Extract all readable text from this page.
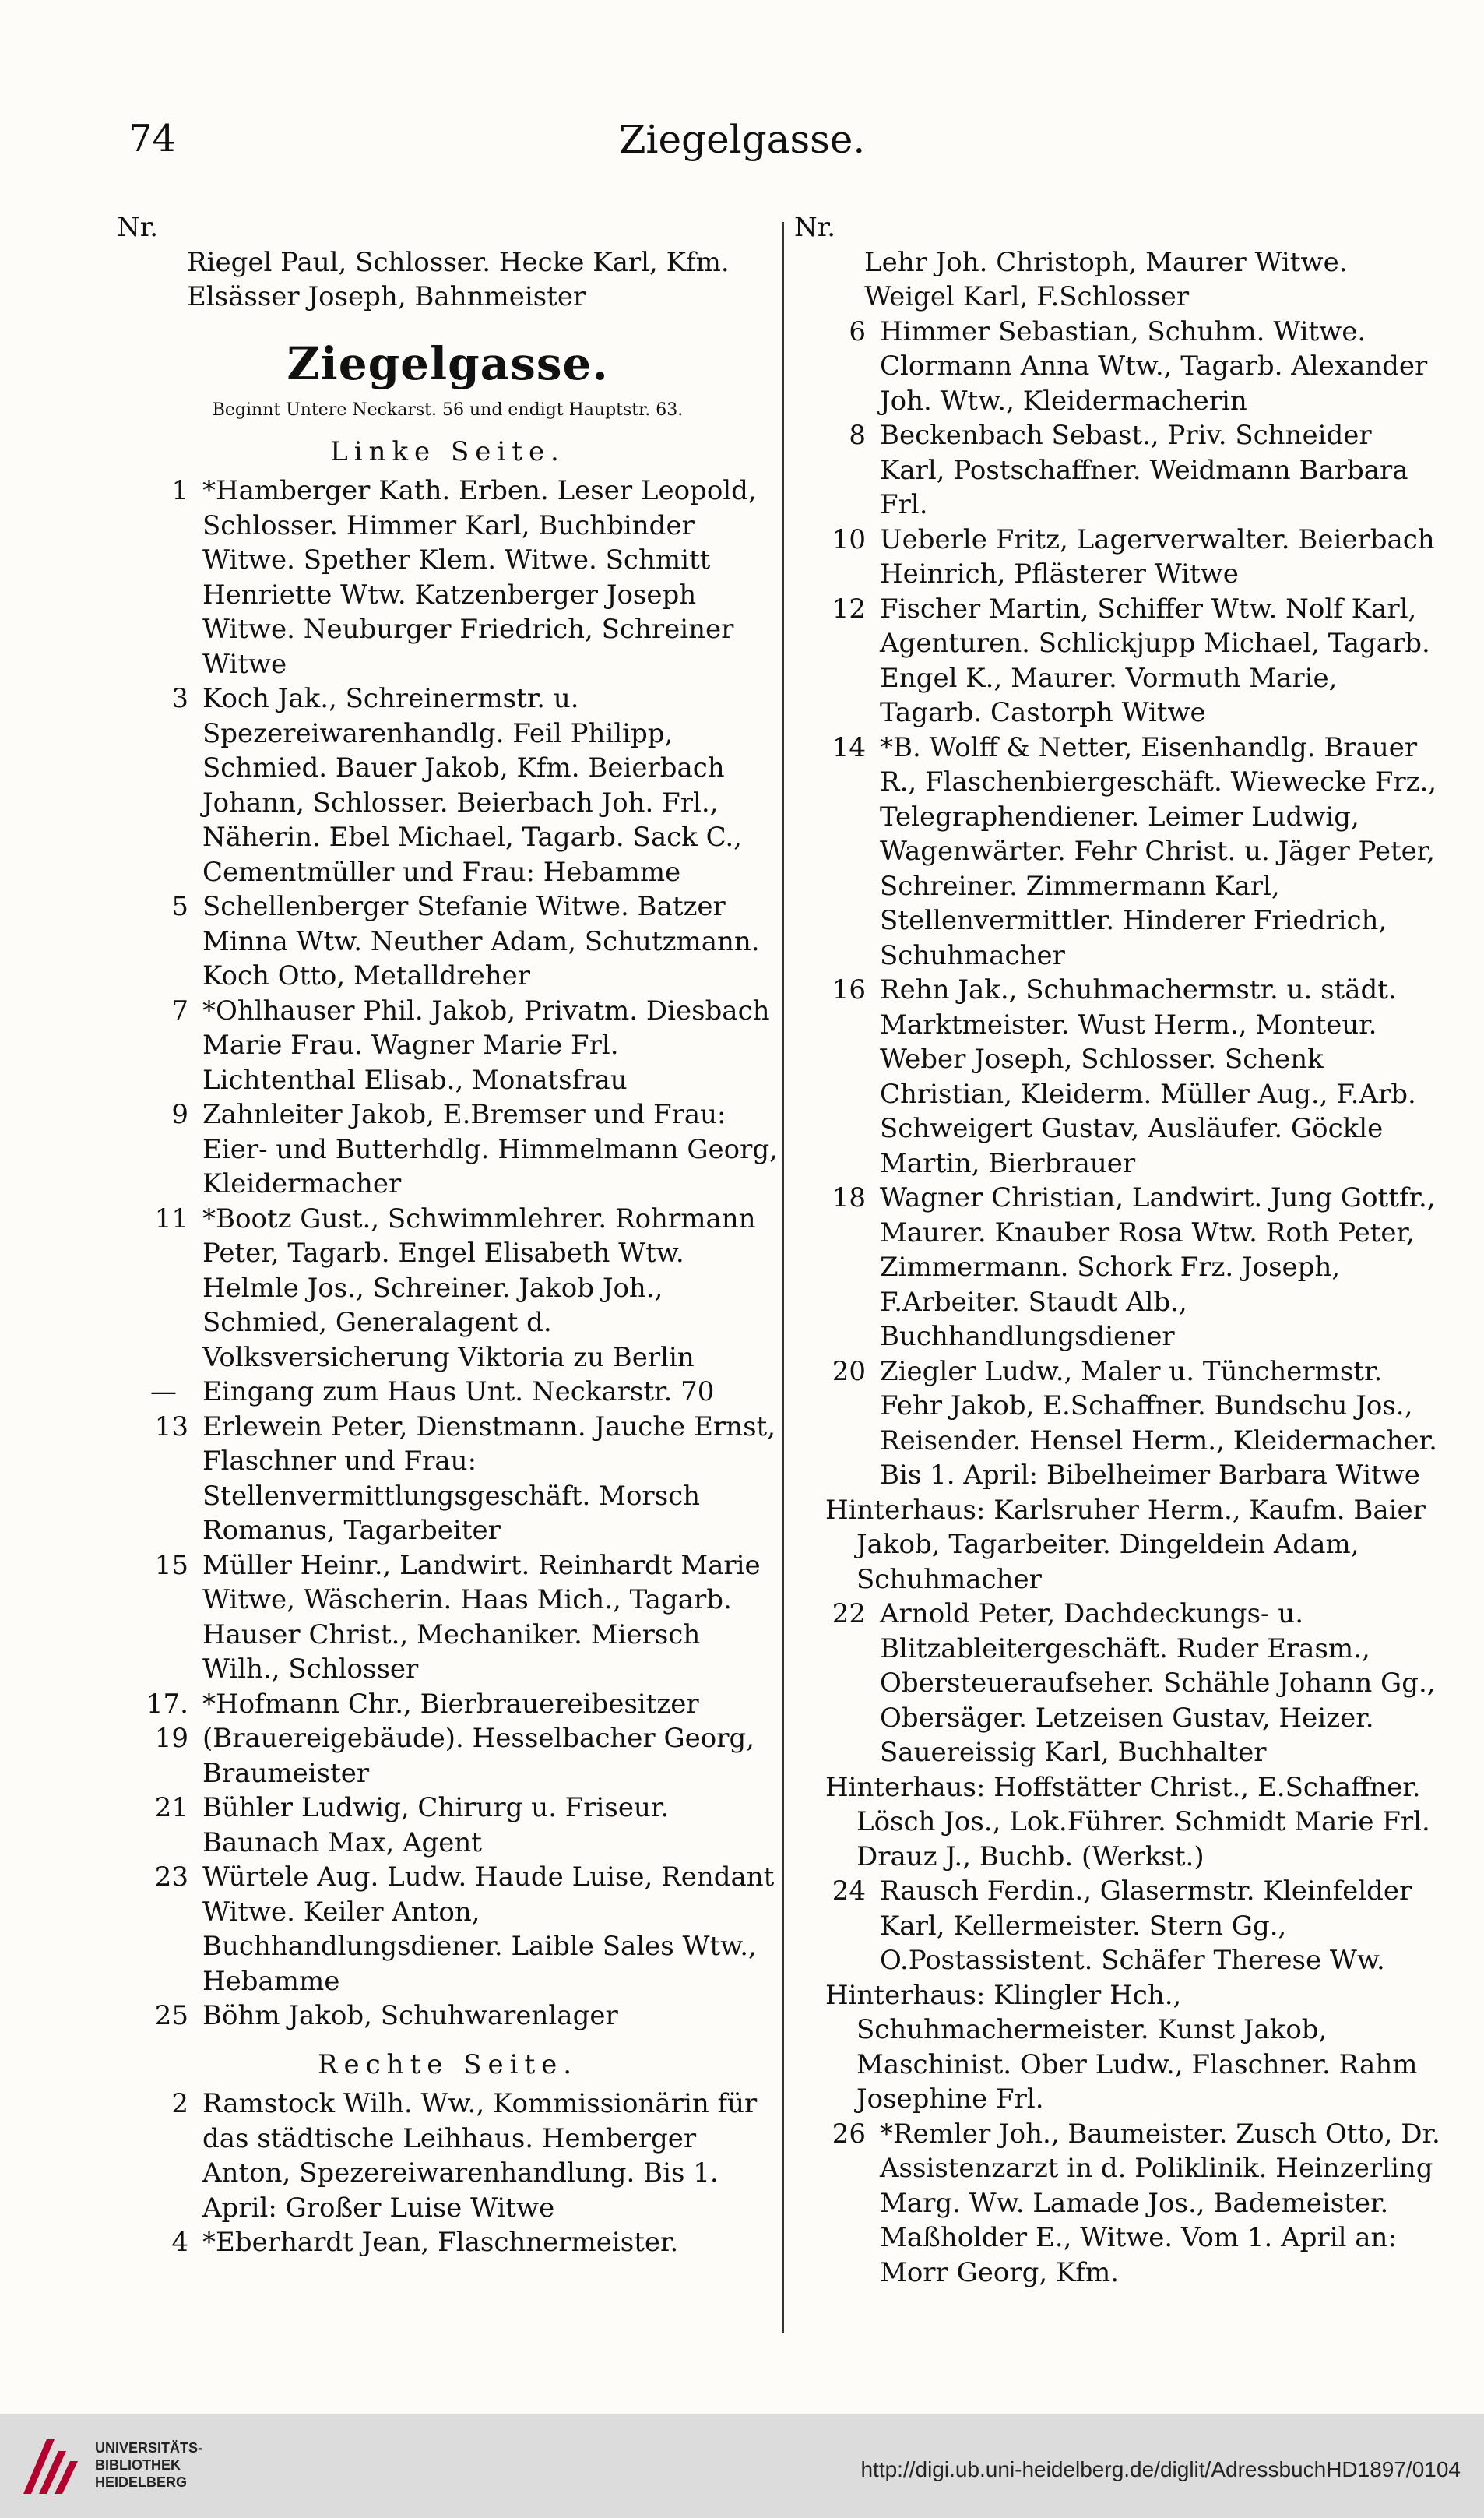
74	Ziegelgasse.
Nr.
Riegel Paul, Schlosser. Hecke Karl, Kfm. Elsässer Joseph, Bahnmeister
Ziegelgasse.
Beginnt Untere Neckarst. 56 und endigt Hauptstr. 63.
Linke Seite.
1 *Hamberger Kath. Erben. Leser Leopold, Schlosser. Himmer Karl, Buchbinder Witwe. Spether Klem. Witwe. Schmitt Henriette Wtw. Katzenberger Joseph Witwe. Neuburger Friedrich, Schreiner Witwe
3 Koch Jak., Schreinermstr. u. Spezereiwarenhandlg. Feil Philipp, Schmied. Bauer Jakob, Kfm. Beierbach Johann, Schlosser. Beierbach Joh. Frl., Näherin. Ebel Michael, Tagarb. Sack C., Cementmüller und Frau: Hebamme
5 Schellenberger Stefanie Witwe. Batzer Minna Wtw. Neuther Adam, Schutzmann. Koch Otto, Metalldreher
7 *Ohlhauser Phil. Jakob, Privatm. Diesbach Marie Frau. Wagner Marie Frl. Lichtenthal Elisab., Monatsfrau
9 Zahnleiter Jakob, E.Bremser und Frau: Eier- und Butterhdlg. Himmelmann Georg, Kleidermacher
11 *Bootz Gust., Schwimmlehrer. Rohrmann Peter, Tagarb. Engel Elisabeth Wtw. Helmle Jos., Schreiner. Jakob Joh., Schmied, Generalagent d. Volksversicherung Viktoria zu Berlin
— Eingang zum Haus Unt. Neckarstr. 70
13 Erlewein Peter, Dienstmann. Jauche Ernst, Flaschner und Frau: Stellenvermittlungsgeschäft. Morsch Romanus, Tagarbeiter
15 Müller Heinr., Landwirt. Reinhardt Marie Witwe, Wäscherin. Haas Mich., Tagarb. Hauser Christ., Mechaniker. Miersch Wilh., Schlosser
17. 19
*Hofmann Chr., Bierbrauereibesitzer (Brauereigebäude). Hesselbacher Georg, Braumeister
21 Bühler Ludwig, Chirurg u. Friseur. Baunach Max, Agent
23 Würtele Aug. Ludw. Haude Luise, Rendant Witwe. Keiler Anton, Buchhandlungsdiener. Laible Sales Wtw., Hebamme
25 Böhm Jakob, Schuhwarenlager
Rechte Seite.
2 Ramstock Wilh. Ww., Kommissionärin für das städtische Leihhaus. Hemberger Anton, Spezereiwarenhandlung. Bis 1. April: Großer Luise Witwe
4 *Eberhardt Jean, Flaschnermeister.
Nr.
Lehr Joh. Christoph, Maurer Witwe. Weigel Karl, F.Schlosser
6 Himmer Sebastian, Schuhm. Witwe. Clormann Anna Wtw., Tagarb. Alexander Joh. Wtw., Kleidermacherin
8 Beckenbach Sebast., Priv. Schneider Karl, Postschaffner. Weidmann Barbara Frl.
10 Ueberle Fritz, Lagerverwalter. Beierbach Heinrich, Pflästerer Witwe
12 Fischer Martin, Schiffer Wtw. Nolf Karl, Agenturen. Schlickjupp Michael, Tagarb. Engel K., Maurer. Vormuth Marie, Tagarb. Castorph Witwe
14 *B. Wolff & Netter, Eisenhandlg. Brauer R., Flaschenbiergeschäft. Wiewecke Frz., Telegraphendiener. Leimer Ludwig, Wagenwärter. Fehr Christ. u. Jäger Peter, Schreiner. Zimmermann Karl, Stellenvermittler. Hinderer Friedrich, Schuhmacher
16 Rehn Jak., Schuhmachermstr. u. städt. Marktmeister. Wust Herm., Monteur. Weber Joseph, Schlosser. Schenk Christian, Kleiderm. Müller Aug., F.Arb. Schweigert Gustav, Ausläufer. Göckle Martin, Bierbrauer
18 Wagner Christian, Landwirt. Jung Gottfr., Maurer. Knauber Rosa Wtw. Roth Peter, Zimmermann. Schork Frz. Joseph, F.Arbeiter. Staudt Alb., Buchhandlungsdiener
20 Ziegler Ludw., Maler u. Tünchermstr. Fehr Jakob, E.Schaffner. Bundschu Jos., Reisender. Hensel Herm., Kleidermacher. Bis 1. April: Bibelheimer Barbara Witwe
Hinterhaus: Karlsruher Herm., Kaufm. Baier Jakob, Tagarbeiter. Dingeldein Adam, Schuhmacher
22 Arnold Peter, Dachdeckungs- u. Blitzableitergeschäft. Ruder Erasm., Obersteueraufseher. Schähle Johann Gg., Obersäger. Letzeisen Gustav, Heizer. Sauereissig Karl, Buchhalter
Hinterhaus: Hoffstätter Christ., E.Schaffner. Lösch Jos., Lok.Führer. Schmidt Marie Frl. Drauz J., Buchb. (Werkst.)
24 Rausch Ferdin., Glasermstr. Kleinfelder Karl, Kellermeister. Stern Gg., O.Postassistent. Schäfer Therese Ww.
Hinterhaus: Klingler Hch., Schuhmachermeister. Kunst Jakob, Maschinist. Ober Ludw., Flaschner. Rahm Josephine Frl.
26 *Remler Joh., Baumeister. Zusch Otto, Dr. Assistenzarzt in d. Poliklinik. Heinzerling Marg. Ww. Lamade Jos., Bademeister. Maßholder E., Witwe. Vom 1. April an: Morr Georg, Kfm.
UNIVERSITÄTS-
BIBLIOTHEK
HEIDELBERG
http://digi.ub.uni-heidelberg.de/diglit/AdressbuchHD1897/0104
